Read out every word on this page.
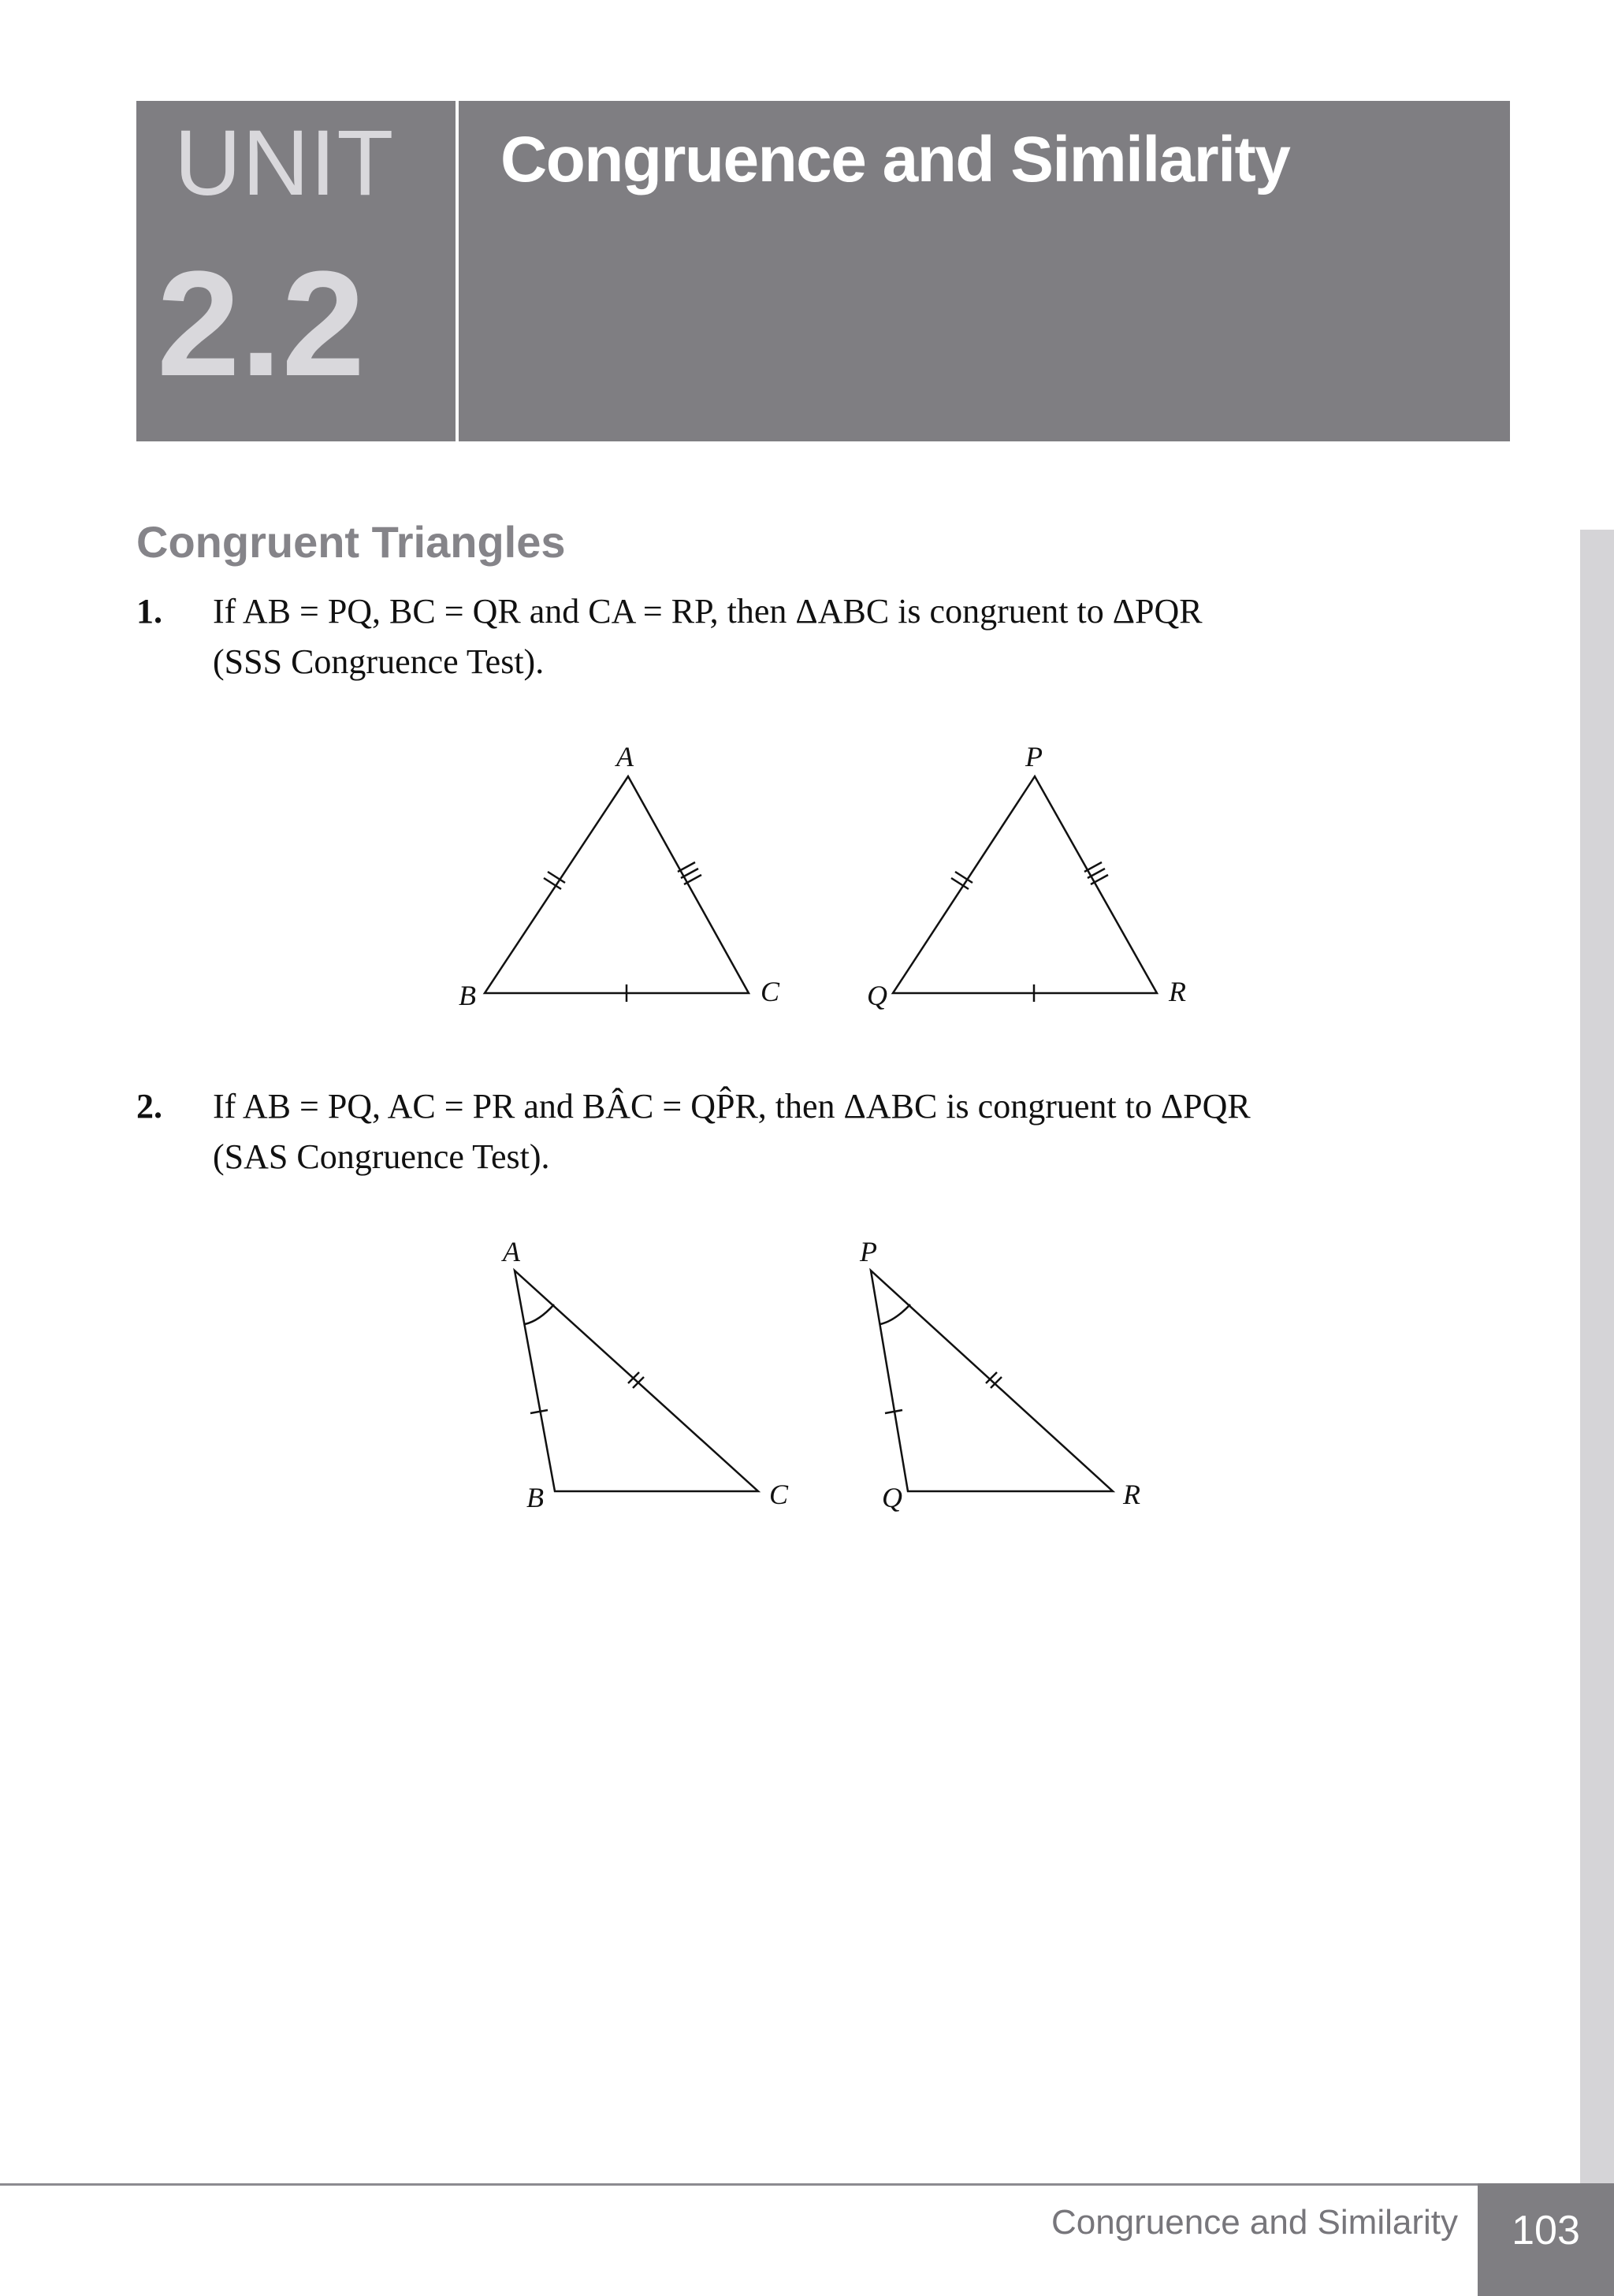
UNIT
2.2
Congruence and Similarity
Congruent Triangles
1. If AB = PQ, BC = QR and CA = RP, then ΔABC is congruent to ΔPQR
(SSS Congruence Test).
A
B	C
P
Q	R
2. If AB = PQ, AC = PR and BÂC = QP̂R, then ΔABC is congruent to ΔPQR
(SAS Congruence Test).
A
B	C
P
Q	R
Congruence and Similarity	103
